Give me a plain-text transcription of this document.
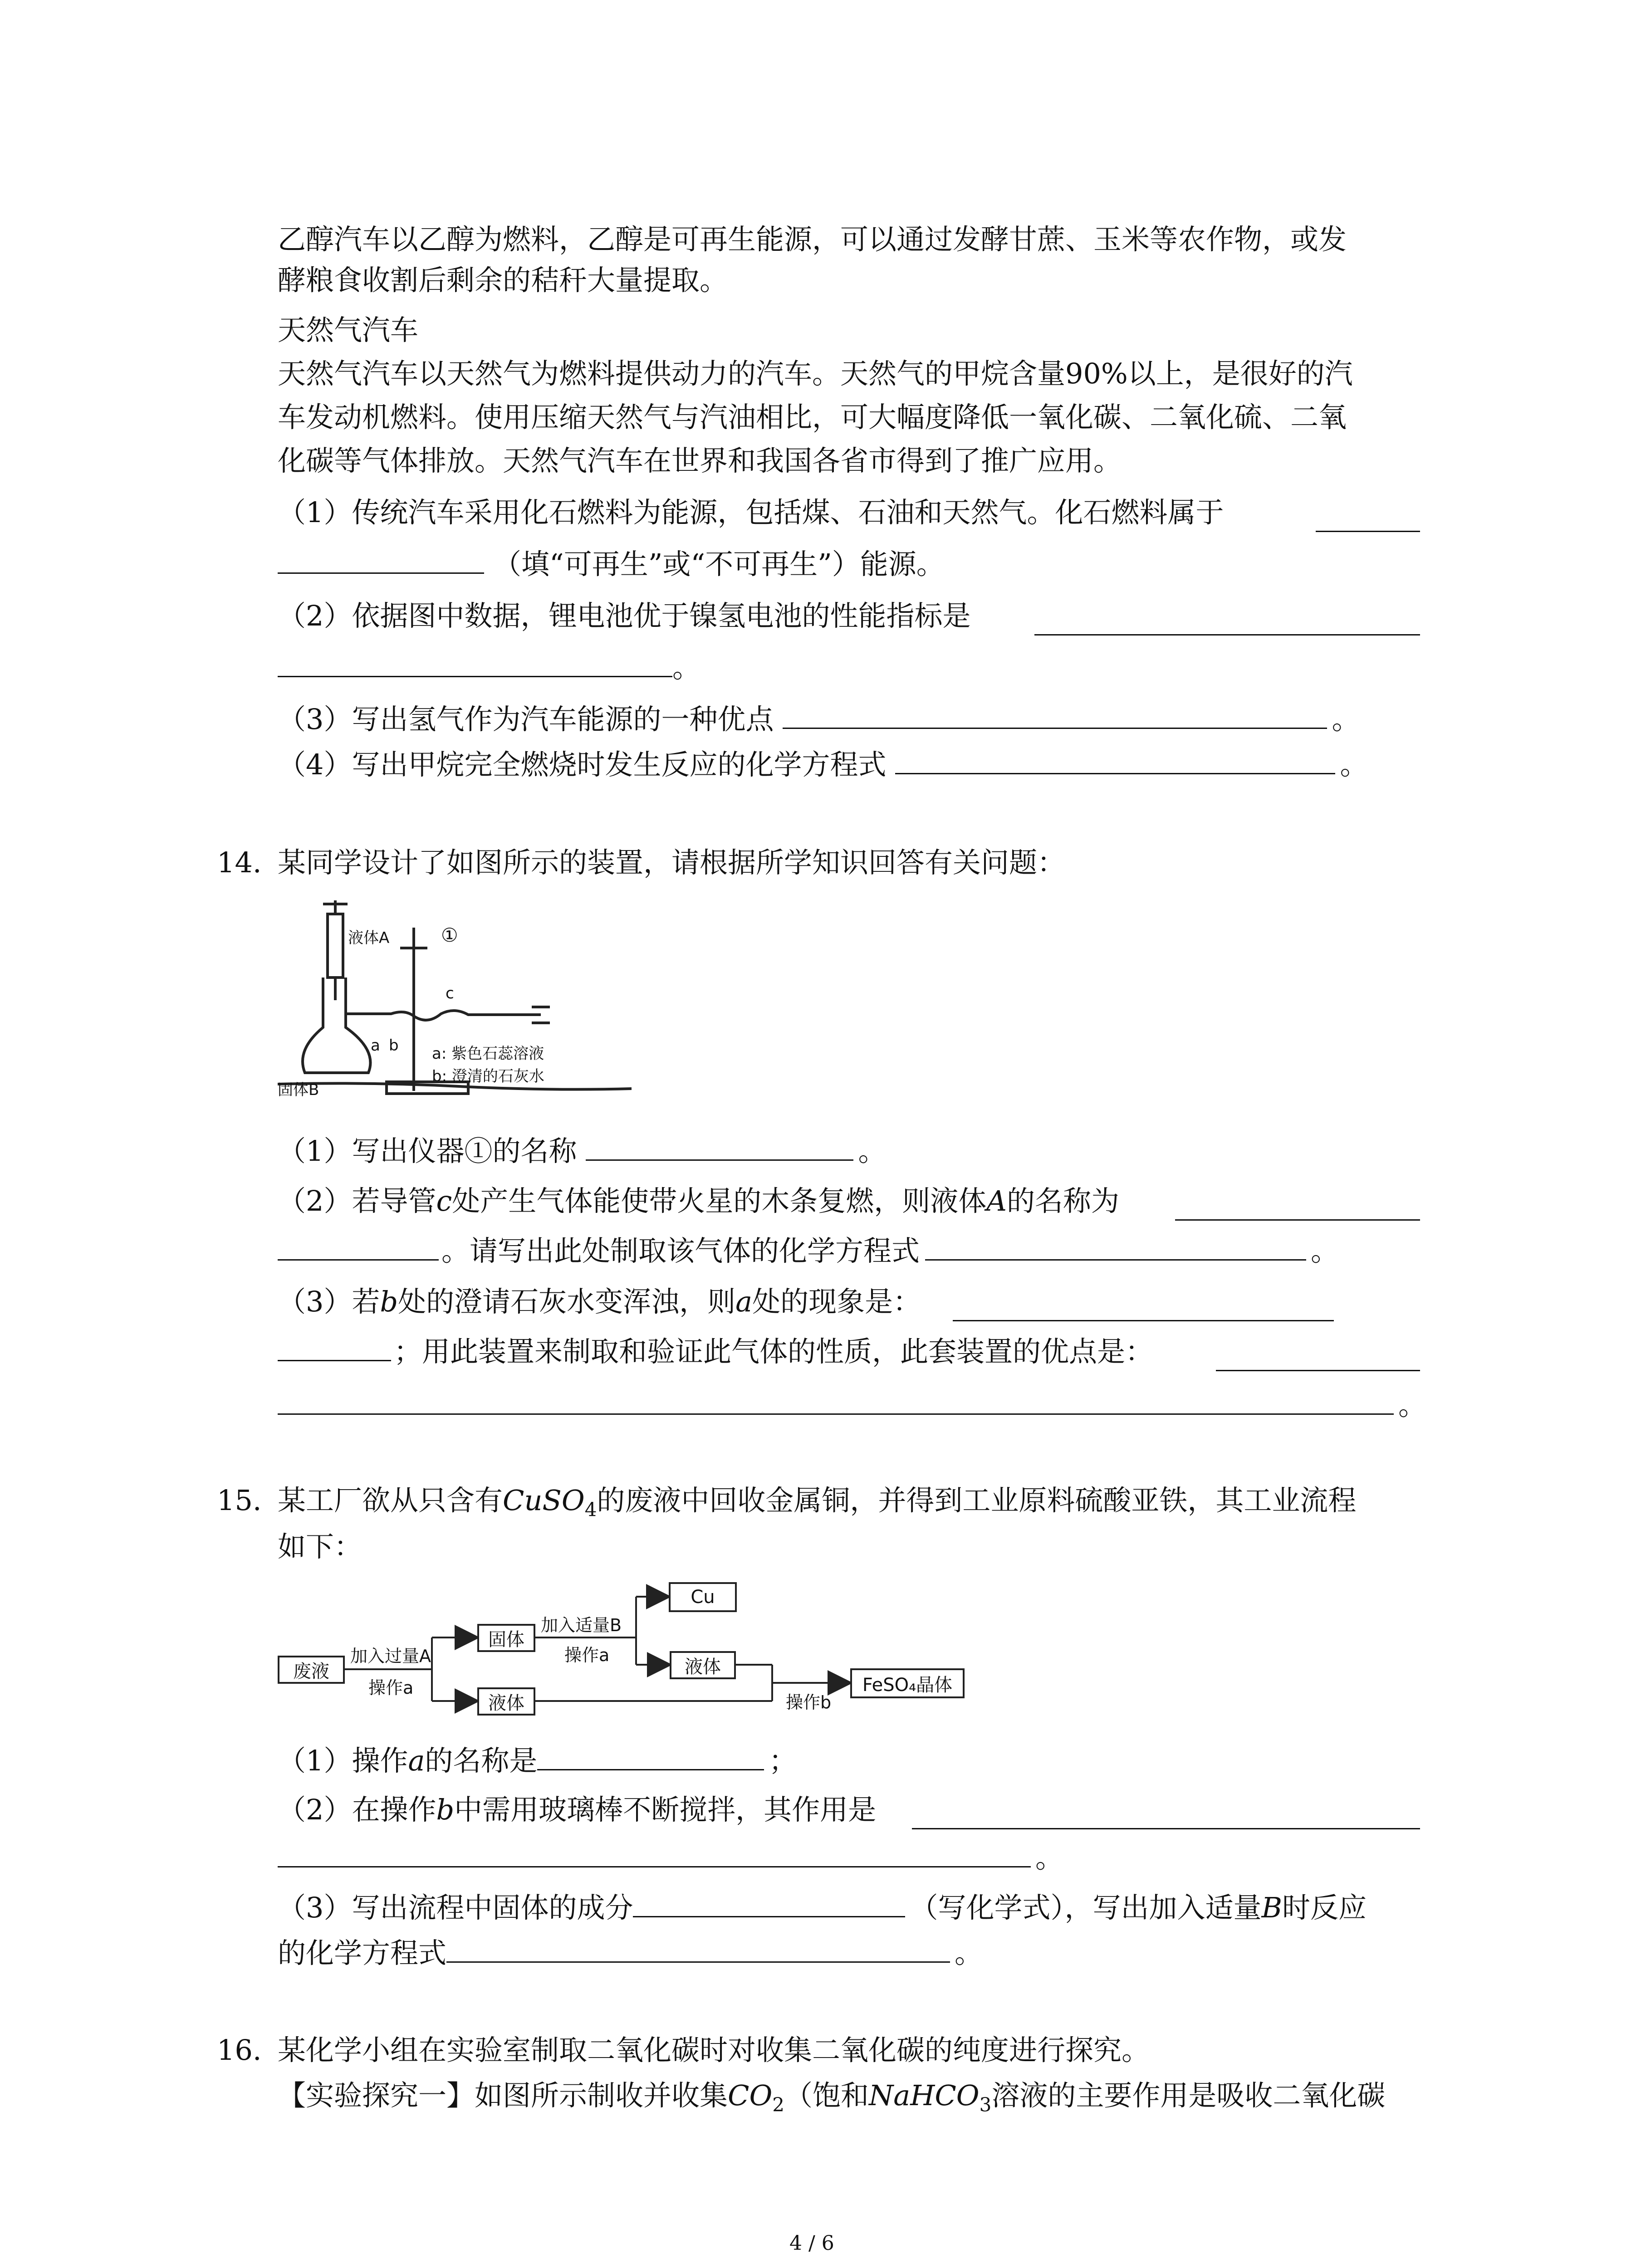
乙醇汽车以乙醇为燃料，乙醇是可再生能源，可以通过发酵甘蔗、玉米等农作物，或发
酵粮食收割后剩余的秸秆大量提取。
天然气汽车
天然气汽车以天然气为燃料提供动力的汽车。天然气的甲烷含量90%以上，是很好的汽
车发动机燃料。使用压缩天然气与汽油相比，可大幅度降低一氧化碳、二氧化硫、二氧
化碳等气体排放。天然气汽车在世界和我国各省市得到了推广应用。
（1）传统汽车采用化石燃料为能源，包括煤、石油和天然气。化石燃料属于
（填“可再生”或“不可再生”）能源。
（2）依据图中数据，锂电池优于镍氢电池的性能指标是
。
（3）写出氢气作为汽车能源的一种优点	。
（4）写出甲烷完全燃烧时发生反应的化学方程式	。
14. 某同学设计了如图所示的装置，请根据所学知识回答有关问题：
液体A	①
c
a b
固体B
a: 紫色石蕊溶液
b: 澄清的石灰水
（1）写出仪器①的名称	。
（2）若导管c处产生气体能使带火星的木条复燃，则液体A的名称为
。请写出此处制取该气体的化学方程式	。
（3）若b处的澄请石灰水变浑浊，则a处的现象是：
；用此装置来制取和验证此气体的性质，此套装置的优点是：
。
15. 某工厂欲从只含有CuSO$_4$的废液中回收金属铜，并得到工业原料硫酸亚铁，其工业流程
如下：
废液
加入过量A
操作a
固体
液体
加入适量B
操作a
Cu
液体
操作b
FeSO₄晶体
（1）操作a的名称是	；
（2）在操作b中需用玻璃棒不断搅拌，其作用是
。
（3）写出流程中固体的成分	（写化学式），写出加入适量B时反应
的化学方程式	。
16. 某化学小组在实验室制取二氧化碳时对收集二氧化碳的纯度进行探究。
【实验探究一】如图所示制收并收集$CO_2$（饱和NaHCO$_3$溶液的主要作用是吸收二氧化碳
4 / 6
